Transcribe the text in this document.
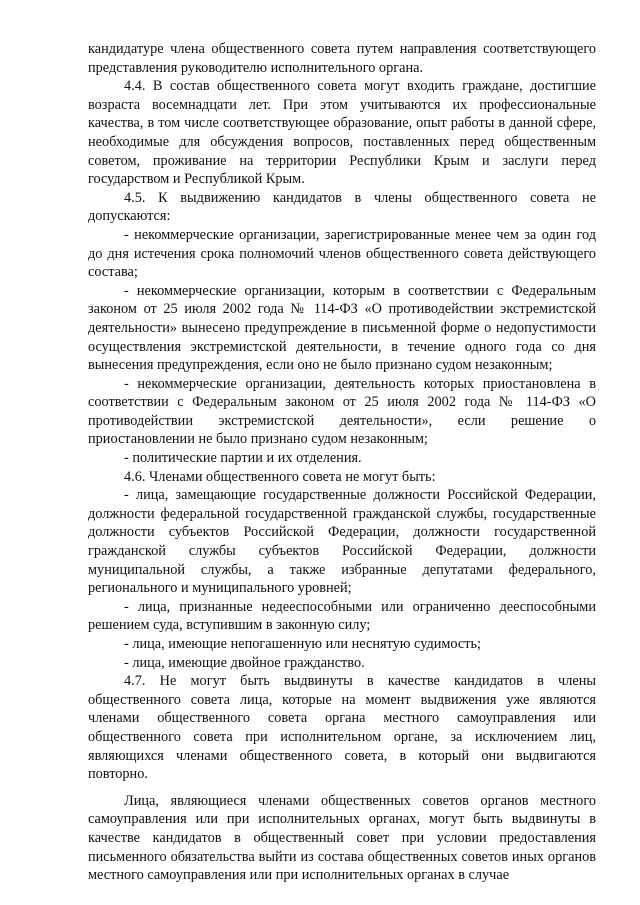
кандидатуре члена общественного совета путем направления соответствующего представления руководителю исполнительного органа.

4.4. В состав общественного совета могут входить граждане, достигшие возраста восемнадцати лет. При этом учитываются их профессиональные качества, в том числе соответствующее образование, опыт работы в данной сфере, необходимые для обсуждения вопросов, поставленных перед общественным советом, проживание на территории Республики Крым и заслуги перед государством и Республикой Крым.

4.5. К выдвижению кандидатов в члены общественного совета не допускаются:

- некоммерческие организации, зарегистрированные менее чем за один год до дня истечения срока полномочий членов общественного совета действующего состава;

- некоммерческие организации, которым в соответствии с Федеральным законом от 25 июля 2002 года № 114-ФЗ «О противодействии экстремистской деятельности» вынесено предупреждение в письменной форме о недопустимости осуществления экстремистской деятельности, в течение одного года со дня вынесения предупреждения, если оно не было признано судом незаконным;

- некоммерческие организации, деятельность которых приостановлена в соответствии с Федеральным законом от 25 июля 2002 года № 114-ФЗ «О противодействии экстремистской деятельности», если решение о приостановлении не было признано судом незаконным;

- политические партии и их отделения.

4.6. Членами общественного совета не могут быть:

- лица, замещающие государственные должности Российской Федерации, должности федеральной государственной гражданской службы, государственные должности субъектов Российской Федерации, должности государственной гражданской службы субъектов Российской Федерации, должности муниципальной службы, а также избранные депутатами федерального, регионального и муниципального уровней;

- лица, признанные недееспособными или ограниченно дееспособными решением суда, вступившим в законную силу;

- лица, имеющие непогашенную или неснятую судимость;

- лица, имеющие двойное гражданство.

4.7. Не могут быть выдвинуты в качестве кандидатов в члены общественного совета лица, которые на момент выдвижения уже являются членами общественного совета органа местного самоуправления или общественного совета при исполнительном органе, за исключением лиц, являющихся членами общественного совета, в который они выдвигаются повторно.

Лица, являющиеся членами общественных советов органов местного самоуправления или при исполнительных органах, могут быть выдвинуты в качестве кандидатов в общественный совет при условии предоставления письменного обязательства выйти из состава общественных советов иных органов местного самоуправления или при исполнительных органах в случае
